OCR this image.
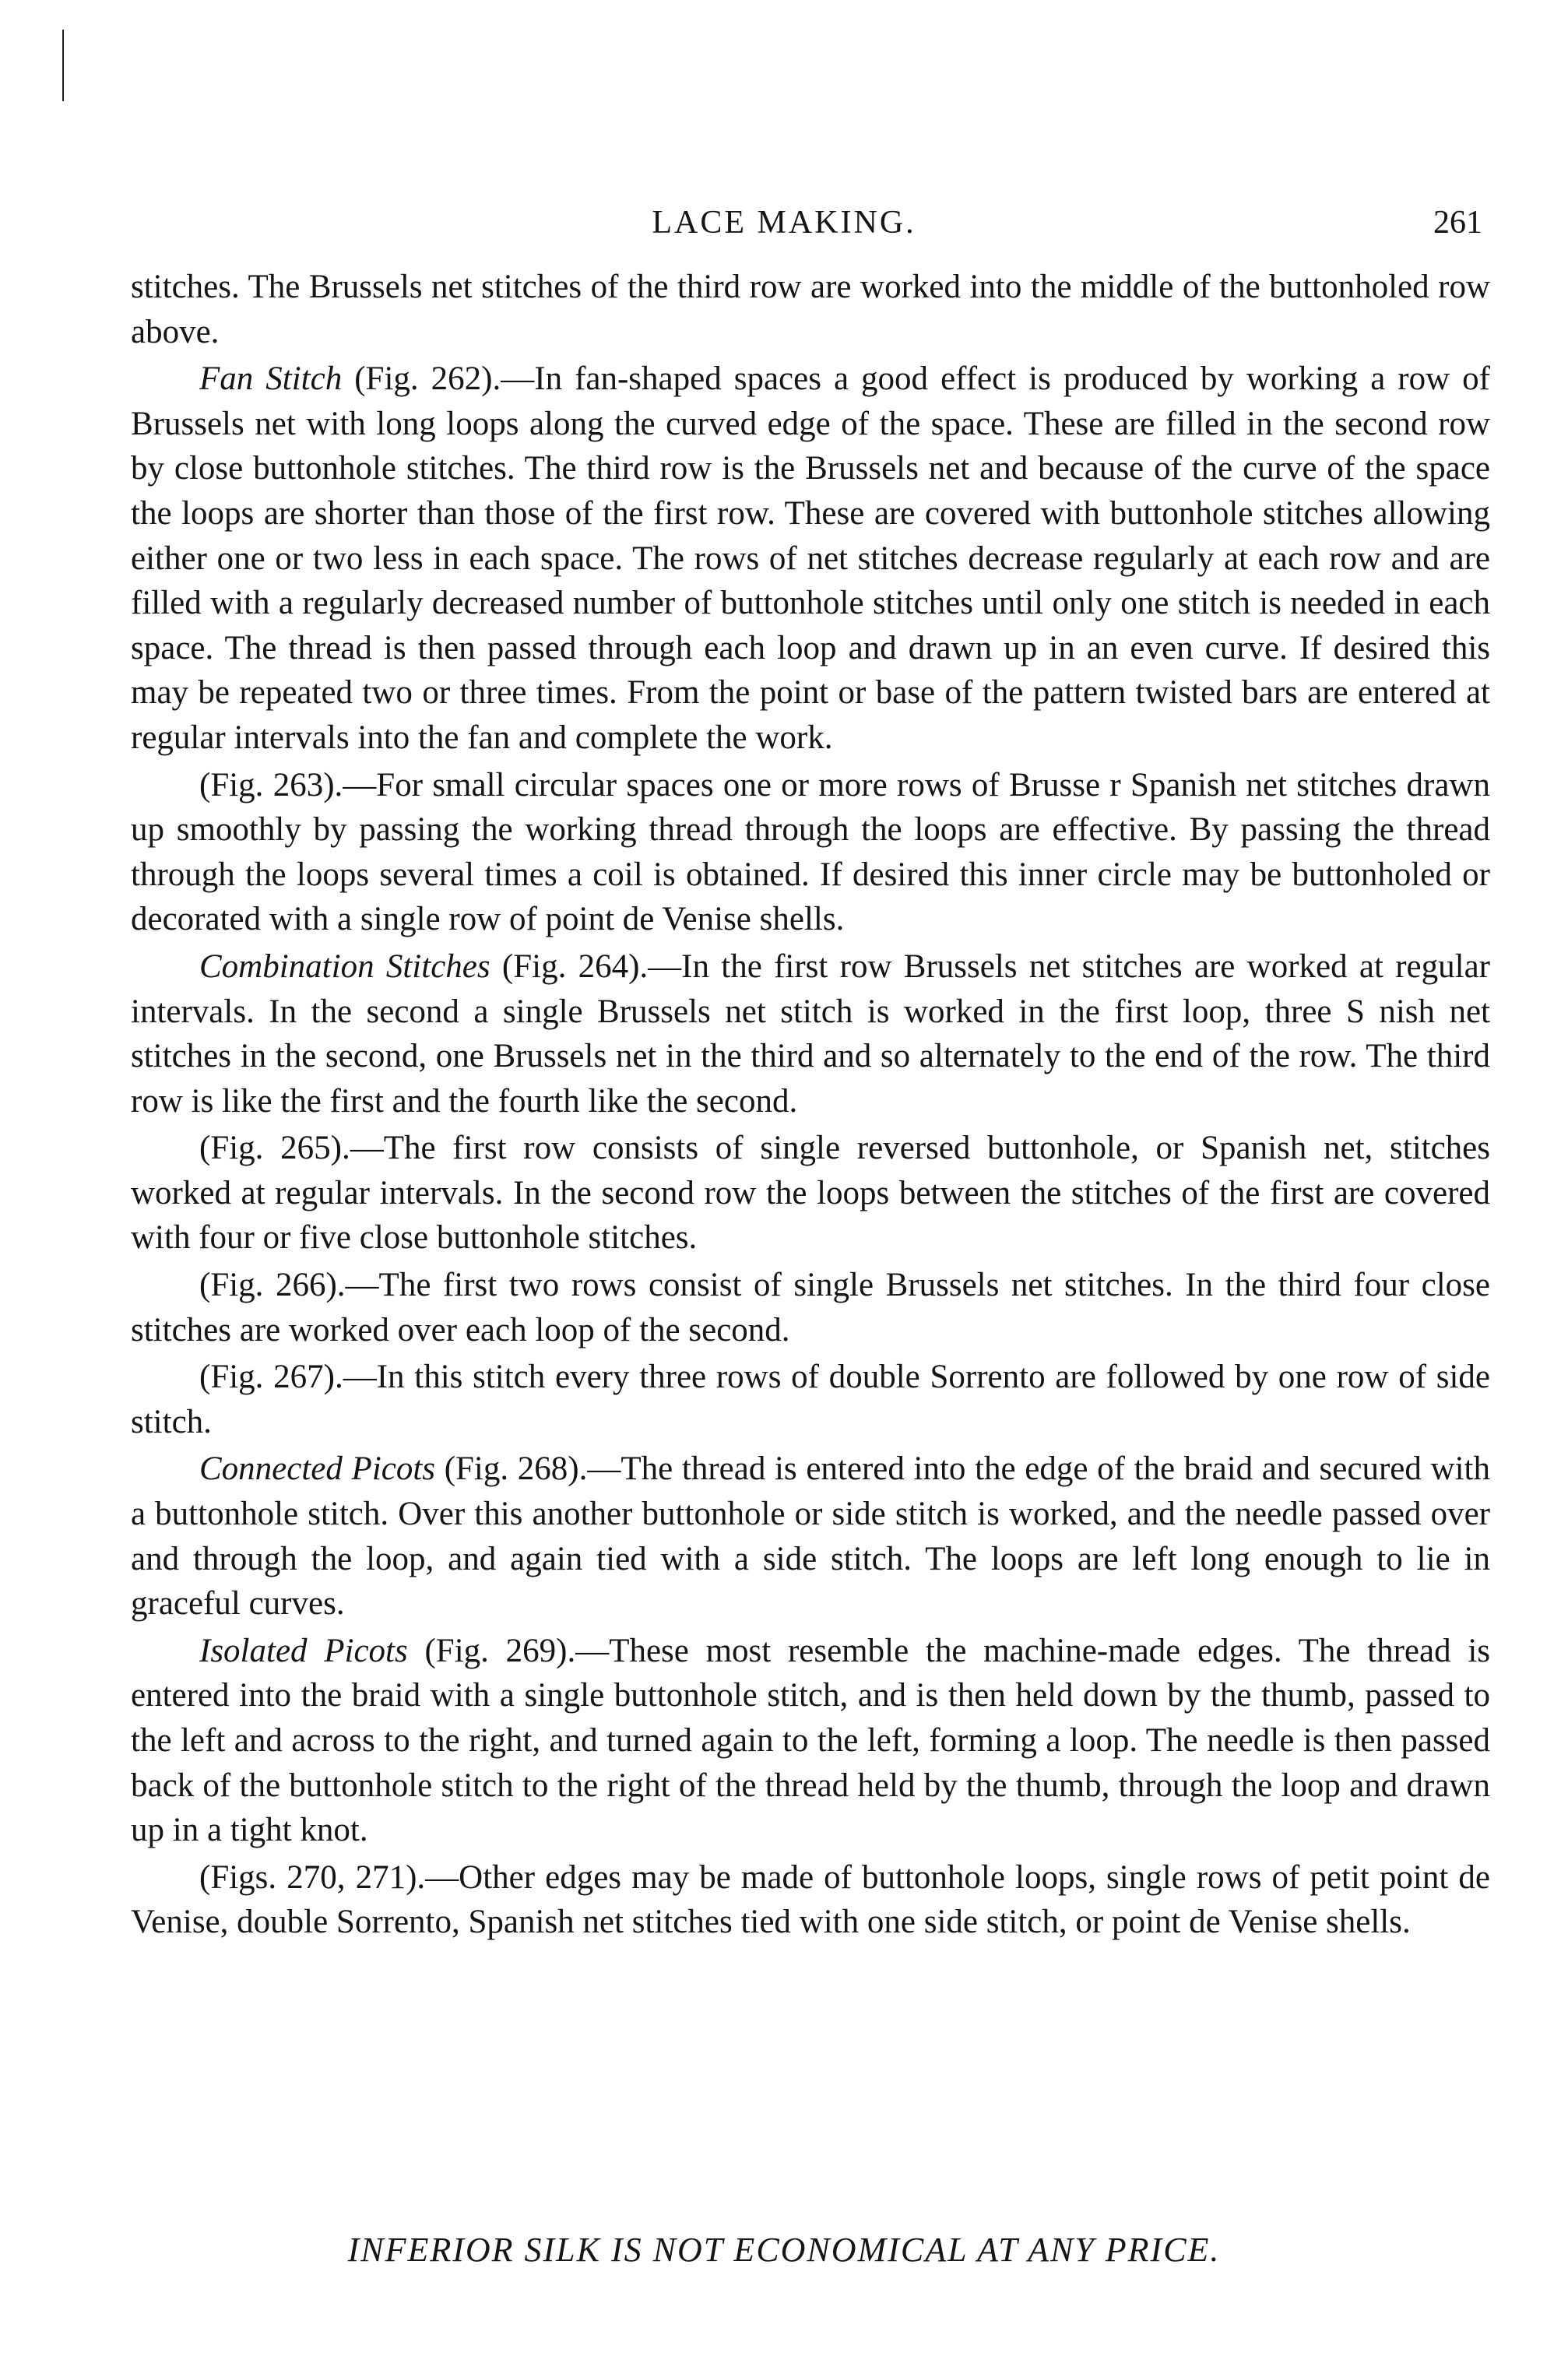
LACE MAKING.	261

stitches. The Brussels net stitches of the third row are worked into the middle of the buttonholed row above.

Fan Stitch (Fig. 262).—In fan-shaped spaces a good effect is produced by working a row of Brussels net with long loops along the curved edge of the space. These are filled in the second row by close buttonhole stitches. The third row is the Brussels net and because of the curve of the space the loops are shorter than those of the first row. These are covered with buttonhole stitches allowing either one or two less in each space. The rows of net stitches decrease regularly at each row and are filled with a regularly decreased number of buttonhole stitches until only one stitch is needed in each space. The thread is then passed through each loop and drawn up in an even curve. If desired this may be repeated two or three times. From the point or base of the pattern twisted bars are entered at regular intervals into the fan and complete the work.

(Fig. 263).—For small circular spaces one or more rows of Brusse r Spanish net stitches drawn up smoothly by passing the working thread through the loops are effective. By passing the thread through the loops several times a coil is obtained. If desired this inner circle may be buttonholed or decorated with a single row of point de Venise shells.

Combination Stitches (Fig. 264).—In the first row Brussels net stitches are worked at regular intervals. In the second a single Brussels net stitch is worked in the first loop, three S nish net stitches in the second, one Brussels net in the third and so alternately to the end of the row. The third row is like the first and the fourth like the second.

(Fig. 265).—The first row consists of single reversed buttonhole, or Spanish net, stitches worked at regular intervals. In the second row the loops between the stitches of the first are covered with four or five close buttonhole stitches.

(Fig. 266).—The first two rows consist of single Brussels net stitches. In the third four close stitches are worked over each loop of the second.

(Fig. 267).—In this stitch every three rows of double Sorrento are followed by one row of side stitch.

Connected Picots (Fig. 268).—The thread is entered into the edge of the braid and secured with a buttonhole stitch. Over this another buttonhole or side stitch is worked, and the needle passed over and through the loop, and again tied with a side stitch. The loops are left long enough to lie in graceful curves.

Isolated Picots (Fig. 269).—These most resemble the machine-made edges. The thread is entered into the braid with a single buttonhole stitch, and is then held down by the thumb, passed to the left and across to the right, and turned again to the left, forming a loop. The needle is then passed back of the buttonhole stitch to the right of the thread held by the thumb, through the loop and drawn up in a tight knot.

(Figs. 270, 271).—Other edges may be made of buttonhole loops, single rows of petit point de Venise, double Sorrento, Spanish net stitches tied with one side stitch, or point de Venise shells.

INFERIOR SILK IS NOT ECONOMICAL AT ANY PRICE.
